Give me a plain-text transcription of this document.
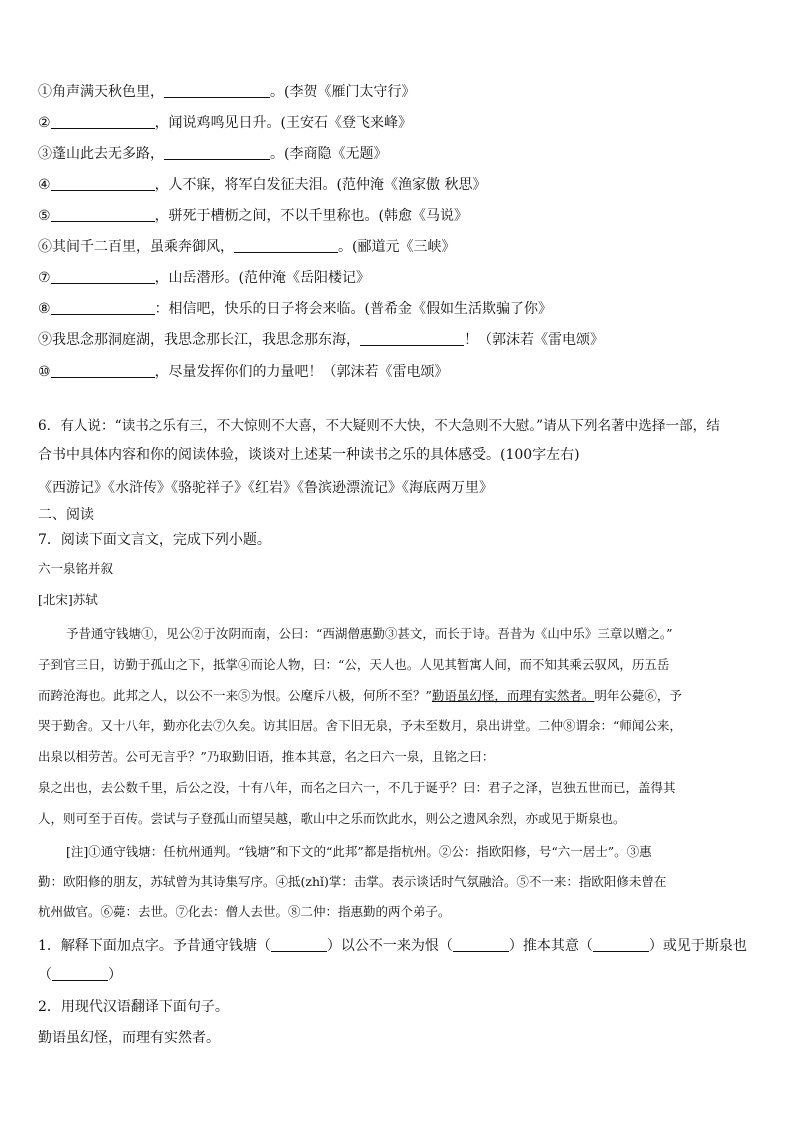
①角声满天秋色里，	。(李贺《雁门太守行》
②	，闻说鸡鸣见日升。(王安石《登飞来峰》
③蓬山此去无多路，	。(李商隐《无题》
④	，人不寐，将军白发征夫泪。(范仲淹《渔家傲 秋思》
⑤	，骈死于槽枥之间，不以千里称也。(韩愈《马说》
⑥其间千二百里，虽乘奔御风，	。(郦道元《三峡》
⑦	，山岳潜形。(范仲淹《岳阳楼记》
⑧	：相信吧，快乐的日子将会来临。(普希金《假如生活欺骗了你》
⑨我思念那洞庭湖，我思念那长江，我思念那东海，	！（郭沫若《雷电颂》
⑩	，尽量发挥你们的力量吧！（郭沫若《雷电颂》
6．有人说：“读书之乐有三，不大惊则不大喜，不大疑则不大快，不大急则不大慰。”请从下列名著中选择一部，结
合书中具体内容和你的阅读体验，谈谈对上述某一种读书之乐的具体感受。(100字左右)
《西游记》《水浒传》《骆驼祥子》《红岩》《鲁滨逊漂流记》《海底两万里》
二、阅读
7．阅读下面文言文，完成下列小题。
六一泉铭并叙
[北宋]苏轼
予昔通守钱塘①，见公②于汝阴而南，公曰：“西湖僧惠勤③甚文，而长于诗。吾昔为《山中乐》三章以赠之。”
子到官三日，访勤于孤山之下，抵掌④而论人物，曰：“公，天人也。人见其暂寓人间，而不知其乘云驭风，历五岳
而跨沧海也。此邦之人，以公不一来⑤为恨。公麾斥八极，何所不至？”勤语虽幻怪，而理有实然者。明年公薨⑥，予
哭于勤舍。又十八年，勤亦化去⑦久矣。访其旧居。舍下旧无泉，予未至数月，泉出讲堂。二仲⑧谓余：“师闻公来，
出泉以相劳苦。公可无言乎？”乃取勤旧语，推本其意，名之曰六一泉，且铭之曰：
泉之出也，去公数千里，后公之没，十有八年，而名之曰六一，不几于诞乎？曰：君子之泽，岂独五世而已，盖得其
人，则可至于百传。尝试与子登孤山而望吴越，歌山中之乐而饮此水，则公之遗风余烈，亦或见于斯泉也。
[注]①通守钱塘：任杭州通判。“钱塘”和下文的“此邦”都是指杭州。②公：指欧阳修，号“六一居士”。③惠
勤：欧阳修的朋友，苏轼曾为其诗集写序。④抵(zhǐ)掌：击掌。表示谈话时气氛融洽。⑤不一来：指欧阳修未曾在
杭州做官。⑥薨：去世。⑦化去：僧人去世。⑧二仲：指惠勤的两个弟子。
1．解释下面加点字。予昔通守钱塘（	）以公不一来为恨（	）推本其意（	）或见于斯泉也
（	）
2．用现代汉语翻译下面句子。
勤语虽幻怪，而理有实然者。
